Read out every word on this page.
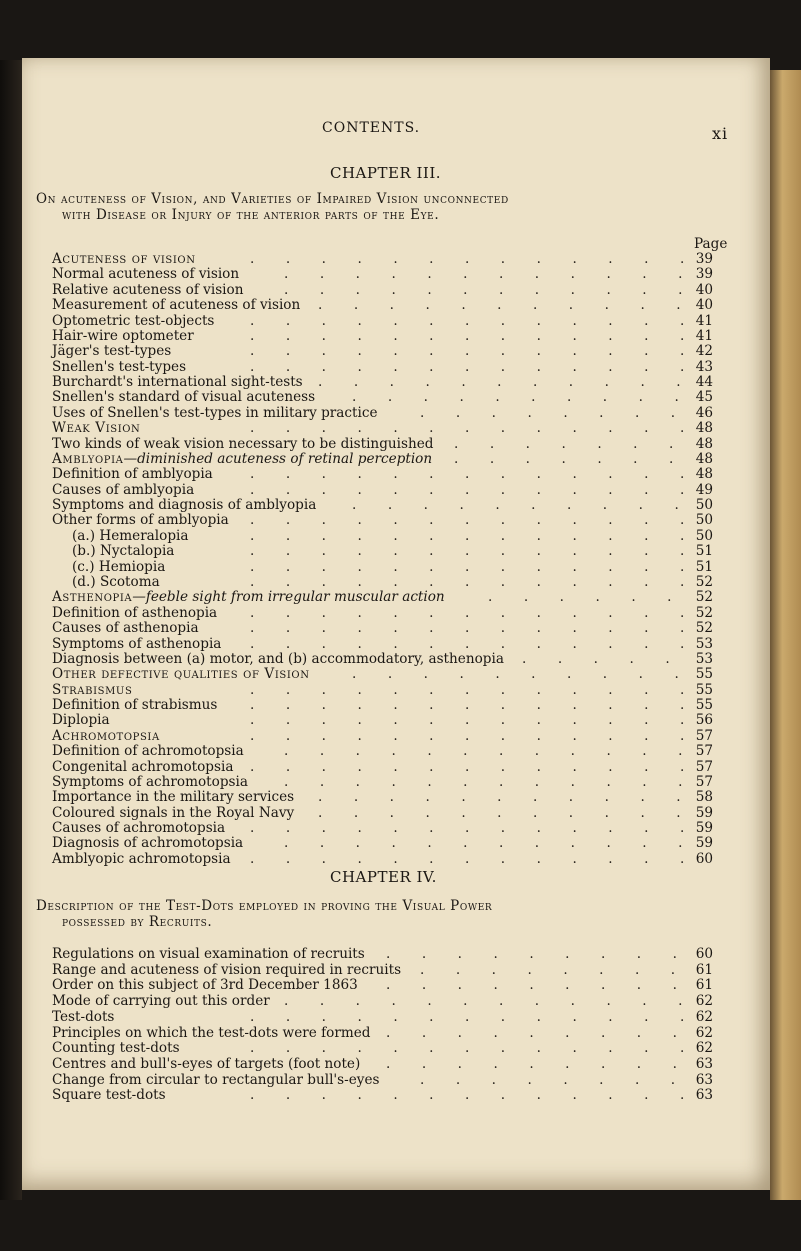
CONTENTS.	xi
CHAPTER III.
On acuteness of Vision, and Varieties of Impaired Vision unconnected
with Disease or Injury of the anterior parts of the Eye.
Page
Acuteness of vision	.   .   .   .   .   .   .   .   .   .   .   .   . 39
Normal acuteness of vision	.   .   .   .   .   .   .   .   .   .   .   . 39
Relative acuteness of vision	.   .   .   .   .   .   .   .   .   .   .   . 40
Measurement of acuteness of vision .   .   .   .   .   .   .   .   .   .   .	40
Optometric test-objects	.   .   .   .   .   .   .   .   .   .   .   .   . 41
Hair-wire optometer	.   .   .   .   .   .   .   .   .   .   .   .   . 41
Jäger's test-types	.   .   .   .   .   .   .   .   .   .   .   .   . 42
Snellen's test-types	.   .   .   .   .   .   .   .   .   .   .   .   . 43
Burchardt's international sight-tests .   .   .   .   .   .   .   .   .   .   .	44
Snellen's standard of visual acuteness	.   .   .   .   .   .   .   .   .   .	45
Uses of Snellen's test-types in military practice	.   .   .   .   .   .   .   .	46
Weak Vision	.   .   .   .   .   .   .   .   .   .   .   .   . 48
Two kinds of weak vision necessary to be distinguished .   .   .   .   .   .   .	48
Amblyopia—diminished acuteness of retinal perception .   .   .   .   .   .   .	48
Definition of amblyopia	.   .   .   .   .   .   .   .   .   .   .   .   . 48
Causes of amblyopia	.   .   .   .   .   .   .   .   .   .   .   .   . 49
Symptoms and diagnosis of amblyopia	.   .   .   .   .   .   .   .   .   .	50
Other forms of amblyopia .   .   .   .   .   .   .   .   .   .   .   .   . 50
(a.) Hemeralopia	.   .   .   .   .   .   .   .   .   .   .   .   . 50
(b.) Nyctalopia	.   .   .   .   .   .   .   .   .   .   .   .   . 51
(c.) Hemiopia	.   .   .   .   .   .   .   .   .   .   .   .   . 51
(d.) Scotoma	.   .   .   .   .   .   .   .   .   .   .   .   . 52
Asthenopia—feeble sight from irregular muscular action	.   .   .   .   .   .	52
Definition of asthenopia .   .   .   .   .   .   .   .   .   .   .   .   . 52
Causes of asthenopia	.   .   .   .   .   .   .   .   .   .   .   .   . 52
Symptoms of asthenopia .   .   .   .   .   .   .   .   .   .   .   .   . 53
Diagnosis between (a) motor, and (b) accommodatory, asthenopia .   .   .   .   .	53
Other defective qualities of Vision	.   .   .   .   .   .   .   .   .   .	55
Strabismus	.   .   .   .   .   .   .   .   .   .   .   .   . 55
Definition of strabismus .   .   .   .   .   .   .   .   .   .   .   .   . 55
Diplopia	.   .   .   .   .   .   .   .   .   .   .   .   . 56
Achromotopsia	.   .   .   .   .   .   .   .   .   .   .   .   . 57
Definition of achromotopsia	.   .   .   .   .   .   .   .   .   .   .   . 57
Congenital achromotopsia .   .   .   .   .   .   .   .   .   .   .   .   . 57
Symptoms of achromotopsia	.   .   .   .   .   .   .   .   .   .   .   . 57
Importance in the military services .   .   .   .   .   .   .   .   .   .   .	58
Coloured signals in the Royal Navy .   .   .   .   .   .   .   .   .   .   .	59
Causes of achromotopsia .   .   .   .   .   .   .   .   .   .   .   .   . 59
Diagnosis of achromotopsia	.   .   .   .   .   .   .   .   .   .   .   . 59
Amblyopic achromotopsia .   .   .   .   .   .   .   .   .   .   .   .   . 60
CHAPTER IV.
Description of the Test-Dots employed in proving the Visual Power
possessed by Recruits.
Regulations on visual examination of recruits .   .   .   .   .   .   .   .   .	60
Range and acuteness of vision required in recruits .   .   .   .   .   .   .   .	61
Order on this subject of 3rd December 1863 .   .   .   .   .   .   .   .   .	61
Mode of carrying out this order .   .   .   .   .   .   .   .   .   .   .   . 62
Test-dots	.   .   .   .   .   .   .   .   .   .   .   .   . 62
Principles on which the test-dots were formed .   .   .   .   .   .   .   .   .	62
Counting test-dots	.   .   .   .   .   .   .   .   .   .   .   .   . 62
Centres and bull's-eyes of targets (foot note) .   .   .   .   .   .   .   .   .	63
Change from circular to rectangular bull's-eyes	.   .   .   .   .   .   .   .	63
Square test-dots	.   .   .   .   .   .   .   .   .   .   .   .   . 63
